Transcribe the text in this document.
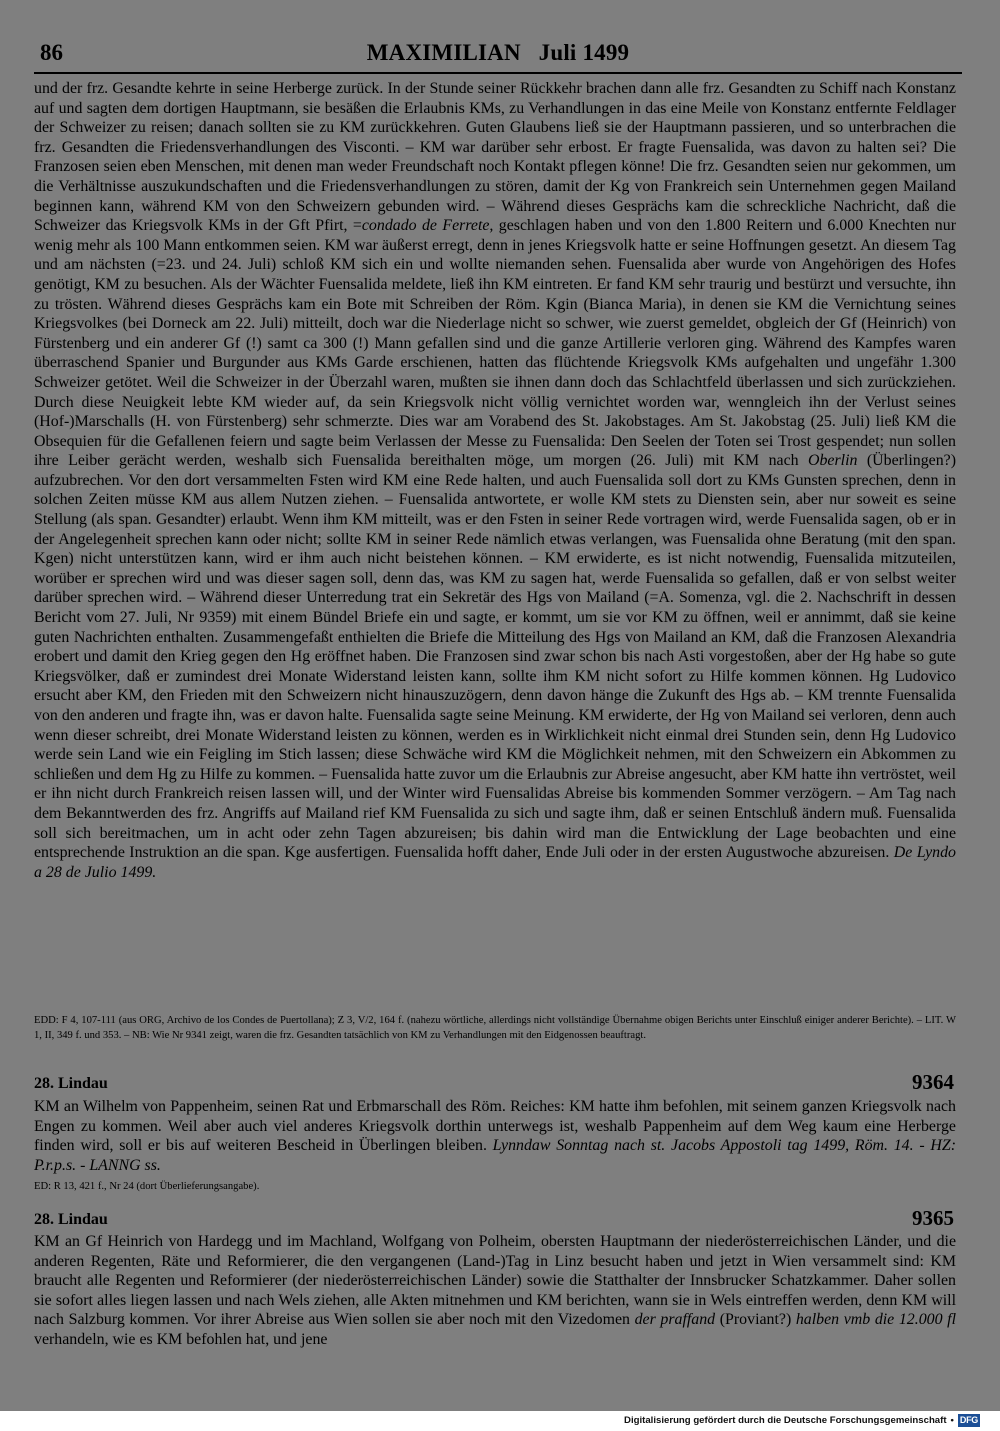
86	MAXIMILIAN   Juli 1499
und der frz. Gesandte kehrte in seine Herberge zurück. In der Stunde seiner Rückkehr brachen dann alle frz. Gesandten zu Schiff nach Konstanz auf und sagten dem dortigen Hauptmann, sie besäßen die Erlaubnis KMs, zu Verhandlungen in das eine Meile von Konstanz entfernte Feldlager der Schweizer zu reisen; danach sollten sie zu KM zurückkehren. Guten Glaubens ließ sie der Hauptmann passieren, und so unterbrachen die frz. Gesandten die Friedensverhandlungen des Visconti. – KM war darüber sehr erbost. Er fragte Fuensalida, was davon zu halten sei? Die Franzosen seien eben Menschen, mit denen man weder Freundschaft noch Kontakt pflegen könne! Die frz. Gesandten seien nur gekommen, um die Verhältnisse auszukundschaften und die Friedensverhandlungen zu stören, damit der Kg von Frankreich sein Unternehmen gegen Mailand beginnen kann, während KM von den Schweizern gebunden wird. – Während dieses Gesprächs kam die schreckliche Nachricht, daß die Schweizer das Kriegsvolk KMs in der Gft Pfirt, =condado de Ferrete, geschlagen haben und von den 1.800 Reitern und 6.000 Knechten nur wenig mehr als 100 Mann entkommen seien. KM war äußerst erregt, denn in jenes Kriegsvolk hatte er seine Hoffnungen gesetzt. An diesem Tag und am nächsten (=23. und 24. Juli) schloß KM sich ein und wollte niemanden sehen. Fuensalida aber wurde von Angehörigen des Hofes genötigt, KM zu besuchen. Als der Wächter Fuensalida meldete, ließ ihn KM eintreten. Er fand KM sehr traurig und bestürzt und versuchte, ihn zu trösten. Während dieses Gesprächs kam ein Bote mit Schreiben der Röm. Kgin (Bianca Maria), in denen sie KM die Vernichtung seines Kriegsvolkes (bei Dorneck am 22. Juli) mitteilt, doch war die Niederlage nicht so schwer, wie zuerst gemeldet, obgleich der Gf (Heinrich) von Fürstenberg und ein anderer Gf (!) samt ca 300 (!) Mann gefallen sind und die ganze Artillerie verloren ging. Während des Kampfes waren überraschend Spanier und Burgunder aus KMs Garde erschienen, hatten das flüchtende Kriegsvolk KMs aufgehalten und ungefähr 1.300 Schweizer getötet. Weil die Schweizer in der Überzahl waren, mußten sie ihnen dann doch das Schlachtfeld überlassen und sich zurückziehen. Durch diese Neuigkeit lebte KM wieder auf, da sein Kriegsvolk nicht völlig vernichtet worden war, wenngleich ihn der Verlust seines (Hof-)Marschalls (H. von Fürstenberg) sehr schmerzte. Dies war am Vorabend des St. Jakobstages. Am St. Jakobstag (25. Juli) ließ KM die Obsequien für die Gefallenen feiern und sagte beim Verlassen der Messe zu Fuensalida: Den Seelen der Toten sei Trost gespendet; nun sollen ihre Leiber gerächt werden, weshalb sich Fuensalida bereithalten möge, um morgen (26. Juli) mit KM nach Oberlin (Überlingen?) aufzubrechen. Vor den dort versammelten Fsten wird KM eine Rede halten, und auch Fuensalida soll dort zu KMs Gunsten sprechen, denn in solchen Zeiten müsse KM aus allem Nutzen ziehen. – Fuensalida antwortete, er wolle KM stets zu Diensten sein, aber nur soweit es seine Stellung (als span. Gesandter) erlaubt. Wenn ihm KM mitteilt, was er den Fsten in seiner Rede vortragen wird, werde Fuensalida sagen, ob er in der Angelegenheit sprechen kann oder nicht; sollte KM in seiner Rede nämlich etwas verlangen, was Fuensalida ohne Beratung (mit den span. Kgen) nicht unterstützen kann, wird er ihm auch nicht beistehen können. – KM erwiderte, es ist nicht notwendig, Fuensalida mitzuteilen, worüber er sprechen wird und was dieser sagen soll, denn das, was KM zu sagen hat, werde Fuensalida so gefallen, daß er von selbst weiter darüber sprechen wird. – Während dieser Unterredung trat ein Sekretär des Hgs von Mailand (=A. Somenza, vgl. die 2. Nachschrift in dessen Bericht vom 27. Juli, Nr 9359) mit einem Bündel Briefe ein und sagte, er kommt, um sie vor KM zu öffnen, weil er annimmt, daß sie keine guten Nachrichten enthalten. Zusammengefaßt enthielten die Briefe die Mitteilung des Hgs von Mailand an KM, daß die Franzosen Alexandria erobert und damit den Krieg gegen den Hg eröffnet haben. Die Franzosen sind zwar schon bis nach Asti vorgestoßen, aber der Hg habe so gute Kriegsvölker, daß er zumindest drei Monate Widerstand leisten kann, sollte ihm KM nicht sofort zu Hilfe kommen können. Hg Ludovico ersucht aber KM, den Frieden mit den Schweizern nicht hinauszuzögern, denn davon hänge die Zukunft des Hgs ab. – KM trennte Fuensalida von den anderen und fragte ihn, was er davon halte. Fuensalida sagte seine Meinung. KM erwiderte, der Hg von Mailand sei verloren, denn auch wenn dieser schreibt, drei Monate Widerstand leisten zu können, werden es in Wirklichkeit nicht einmal drei Stunden sein, denn Hg Ludovico werde sein Land wie ein Feigling im Stich lassen; diese Schwäche wird KM die Möglichkeit nehmen, mit den Schweizern ein Abkommen zu schließen und dem Hg zu Hilfe zu kommen. – Fuensalida hatte zuvor um die Erlaubnis zur Abreise angesucht, aber KM hatte ihn vertröstet, weil er ihn nicht durch Frankreich reisen lassen will, und der Winter wird Fuensalidas Abreise bis kommenden Sommer verzögern. – Am Tag nach dem Bekanntwerden des frz. Angriffs auf Mailand rief KM Fuensalida zu sich und sagte ihm, daß er seinen Entschluß ändern muß. Fuensalida soll sich bereitmachen, um in acht oder zehn Tagen abzureisen; bis dahin wird man die Entwicklung der Lage beobachten und eine entsprechende Instruktion an die span. Kge ausfertigen. Fuensalida hofft daher, Ende Juli oder in der ersten Augustwoche abzureisen. De Lyndo a 28 de Julio 1499.
EDD: F 4, 107-111 (aus ORG, Archivo de los Condes de Puertollana); Z 3, V/2, 164 f. (nahezu wörtliche, allerdings nicht vollständige Übernahme obigen Berichts unter Einschluß einiger anderer Berichte). – LIT. W 1, II, 349 f. und 353. – NB: Wie Nr 9341 zeigt, waren die frz. Gesandten tatsächlich von KM zu Verhandlungen mit den Eidgenossen beauftragt.
28. Lindau	9364
KM an Wilhelm von Pappenheim, seinen Rat und Erbmarschall des Röm. Reiches: KM hatte ihm befohlen, mit seinem ganzen Kriegsvolk nach Engen zu kommen. Weil aber auch viel anderes Kriegsvolk dorthin unterwegs ist, weshalb Pappenheim auf dem Weg kaum eine Herberge finden wird, soll er bis auf weiteren Bescheid in Überlingen bleiben. Lynndaw Sonntag nach st. Jacobs Appostoli tag 1499, Röm. 14. - HZ: P.r.p.s. - LANNG ss.
ED: R 13, 421 f., Nr 24 (dort Überlieferungsangabe).
28. Lindau	9365
KM an Gf Heinrich von Hardegg und im Machland, Wolfgang von Polheim, obersten Hauptmann der niederösterreichischen Länder, und die anderen Regenten, Räte und Reformierer, die den vergangenen (Land-)Tag in Linz besucht haben und jetzt in Wien versammelt sind: KM braucht alle Regenten und Reformierer (der niederösterreichischen Länder) sowie die Statthalter der Innsbrucker Schatzkammer. Daher sollen sie sofort alles liegen lassen und nach Wels ziehen, alle Akten mitnehmen und KM berichten, wann sie in Wels eintreffen werden, denn KM will nach Salzburg kommen. Vor ihrer Abreise aus Wien sollen sie aber noch mit den Vizedomen der praffand (Proviant?) halben vmb die 12.000 fl verhandeln, wie es KM befohlen hat, und jene
Digitalisierung gefördert durch die Deutsche Forschungsgemeinschaft • DFG
